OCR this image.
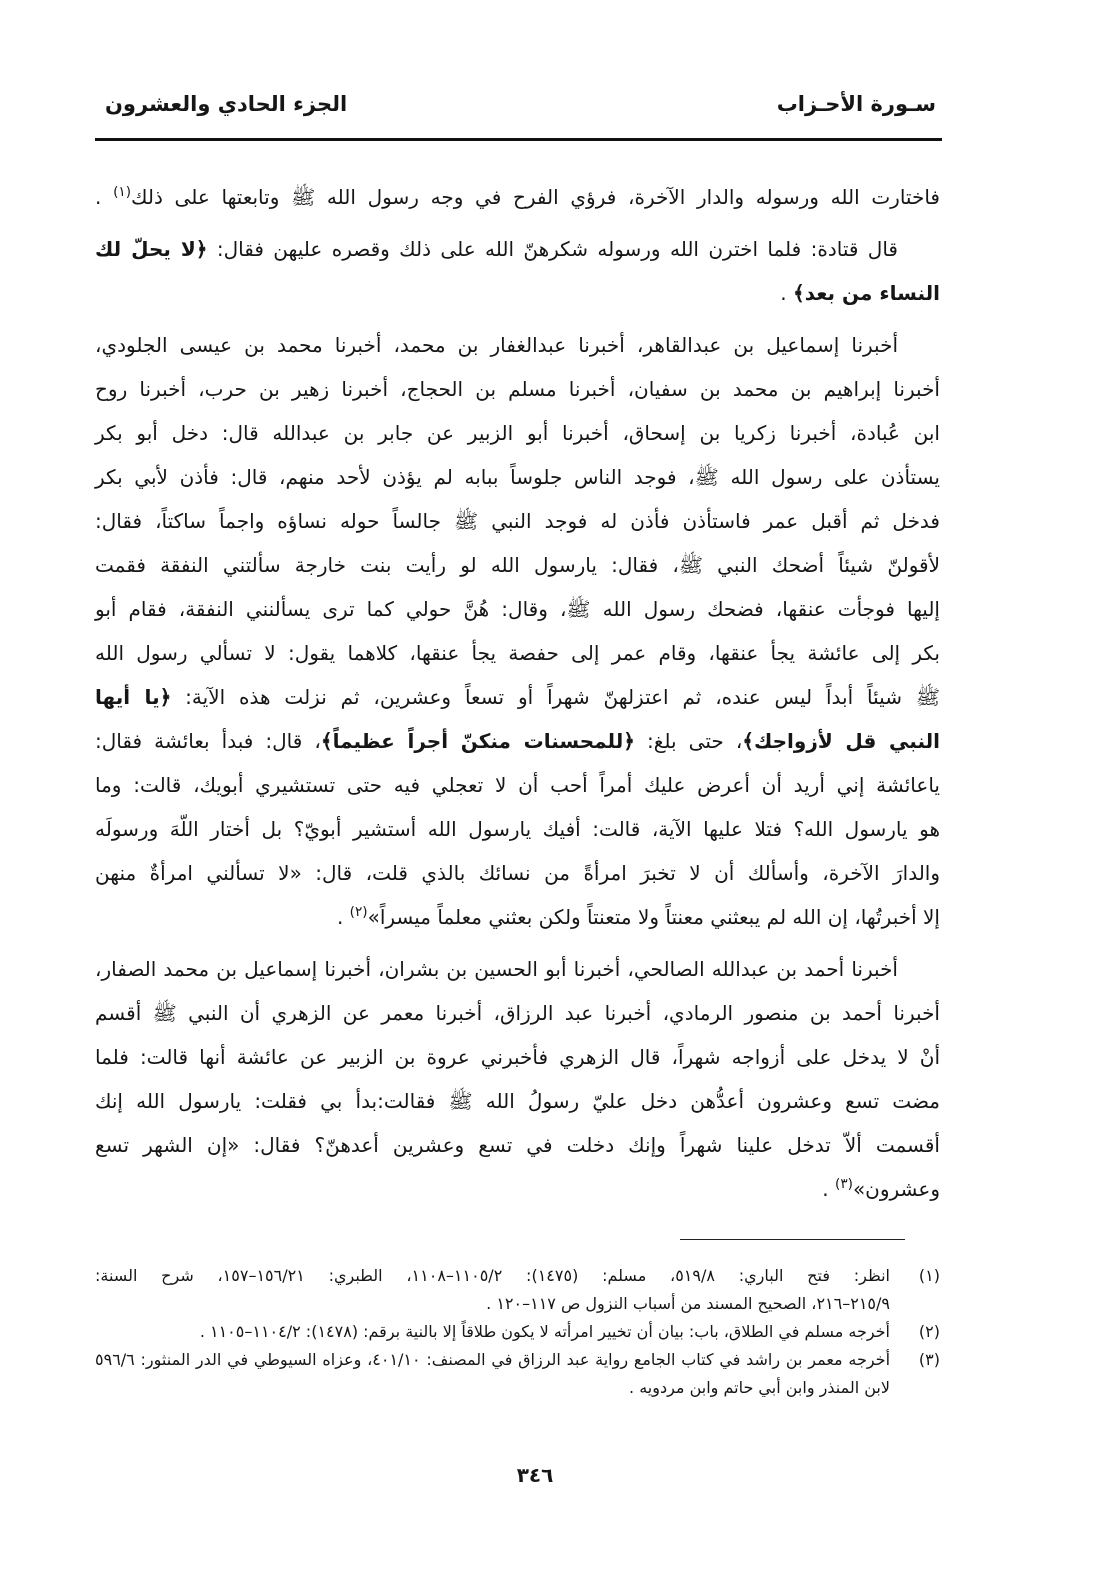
سـورة الأحـزاب
الجزء الحادي والعشرون
فاختارت الله ورسوله والدار الآخرة، فرؤي الفرح في وجه رسول الله ﷺ وتابعتها على ذلك$^{(١)}$ .
قال قتادة: فلما اخترن الله ورسوله شكرهنّ الله على ذلك وقصره عليهن فقال: ﴿لا يحلّ لك
النساء من بعد﴾ .
أخبرنا إسماعيل بن عبدالقاهر، أخبرنا عبدالغفار بن محمد، أخبرنا محمد بن عيسى الجلودي،
أخبرنا إبراهيم بن محمد بن سفيان، أخبرنا مسلم بن الحجاج، أخبرنا زهير بن حرب، أخبرنا روح
ابن عُبادة، أخبرنا زكريا بن إسحاق، أخبرنا أبو الزبير عن جابر بن عبدالله قال: دخل أبو بكر
يستأذن على رسول الله ﷺ، فوجد الناس جلوساً ببابه لم يؤذن لأحد منهم، قال: فأذن لأبي بكر
فدخل ثم أقبل عمر فاستأذن فأذن له فوجد النبي ﷺ جالساً حوله نساؤه واجماً ساكتاً، فقال:
لأقولنّ شيئاً أضحك النبي ﷺ، فقال: يارسول الله لو رأيت بنت خارجة سألتني النفقة فقمت
إليها فوجأت عنقها، فضحك رسول الله ﷺ، وقال: هُنَّ حولي كما ترى يسألنني النفقة، فقام أبو
بكر إلى عائشة يجأ عنقها، وقام عمر إلى حفصة يجأ عنقها، كلاهما يقول: لا تسألي رسول الله
ﷺ شيئاً أبداً ليس عنده، ثم اعتزلهنّ شهراً أو تسعاً وعشرين، ثم نزلت هذه الآية: ﴿يا أيها
النبي قل لأزواجك﴾، حتى بلغ: ﴿للمحسنات منكنّ أجراً عظيماً﴾، قال: فبدأ بعائشة فقال:
ياعائشة إني أريد أن أعرض عليك أمراً أحب أن لا تعجلي فيه حتى تستشيري أبويك، قالت: وما
هو يارسول الله؟ فتلا عليها الآية، قالت: أفيك يارسول الله أستشير أبويّ؟ بل أختار اللّهَ ورسولَه
والدارَ الآخرة، وأسألك أن لا تخبرَ امرأةً من نسائك بالذي قلت، قال: «لا تسألني امرأةٌ منهن
إلا أخبرتُها، إن الله لم يبعثني معنتاً ولا متعنتاً ولكن بعثني معلماً ميسراً»$^{(٢)}$ .
أخبرنا أحمد بن عبدالله الصالحي، أخبرنا أبو الحسين بن بشران، أخبرنا إسماعيل بن محمد الصفار،
أخبرنا أحمد بن منصور الرمادي، أخبرنا عبد الرزاق، أخبرنا معمر عن الزهري أن النبي ﷺ أقسم
أنْ لا يدخل على أزواجه شهراً، قال الزهري فأخبرني عروة بن الزبير عن عائشة أنها قالت: فلما
مضت تسع وعشرون أعدُّهن دخل عليّ رسولُ الله ﷺ فقالت:بدأ بي فقلت: يارسول الله إنك
أقسمت ألاّ تدخل علينا شهراً وإنك دخلت في تسع وعشرين أعدهنّ؟ فقال: «إن الشهر تسع
وعشرون»$^{(٣)}$ .
(١)
انظر: فتح الباري: ٥١٩/٨، مسلم: (١٤٧٥): ١١٠٥/٢–١١٠٨، الطبري: ١٥٦/٢١–١٥٧، شرح السنة:
٢١٥/٩–٢١٦، الصحيح المسند من أسباب النزول ص ١١٧–١٢٠ .
(٢)
أخرجه مسلم في الطلاق، باب: بيان أن تخيير امرأته لا يكون طلاقاً إلا بالنية برقم: (١٤٧٨): ١١٠٤/٢–١١٠٥ .
(٣)
أخرجه معمر بن راشد في كتاب الجامع رواية عبد الرزاق في المصنف: ٤٠١/١٠، وعزاه السيوطي في الدر المنثور: ٥٩٦/٦
لابن المنذر وابن أبي حاتم وابن مردويه .
٣٤٦
